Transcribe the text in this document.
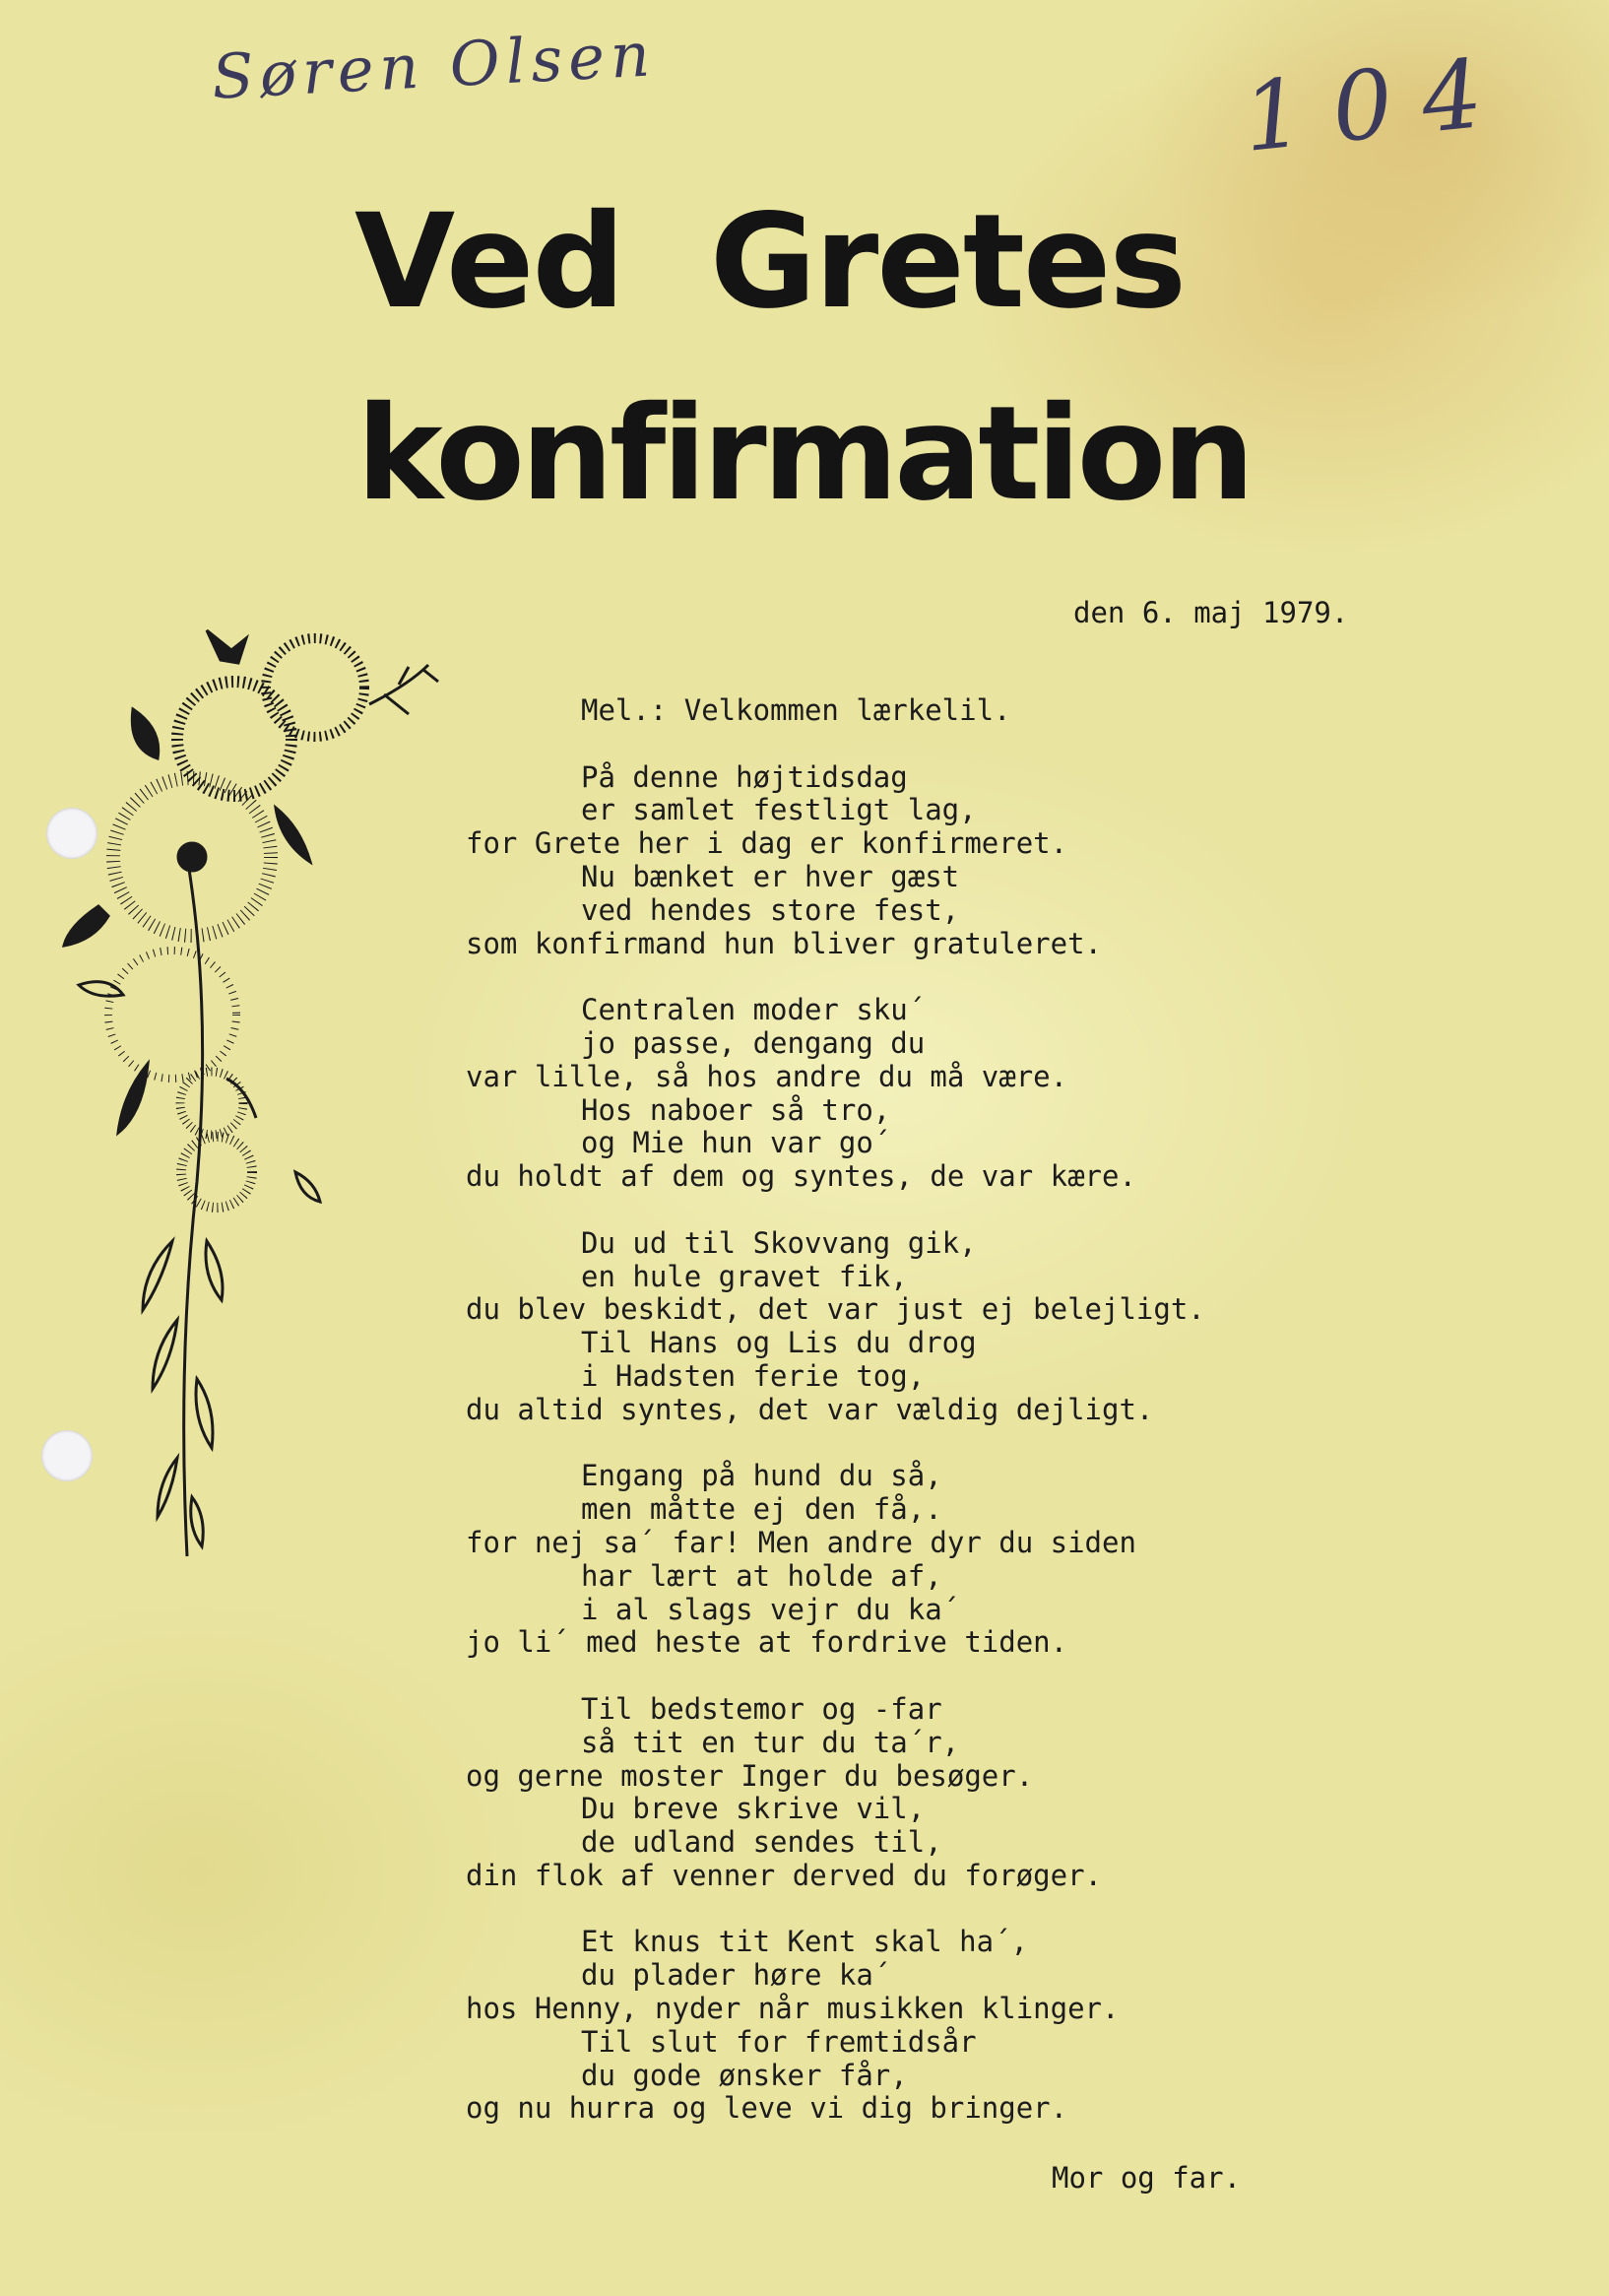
Søren Olsen	104
Ved  Gretes
konfirmation
den 6. maj 1979.
Mel.: Velkommen lærkelil.
På denne højtidsdag
er samlet festligt lag,
for Grete her i dag er konfirmeret.
Nu bænket er hver gæst
ved hendes store fest,
som konfirmand hun bliver gratuleret.
Centralen moder sku´
jo passe, dengang du
var lille, så hos andre du må være.
Hos naboer så tro,
og Mie hun var go´
du holdt af dem og syntes, de var kære.
Du ud til Skovvang gik,
en hule gravet fik,
du blev beskidt, det var just ej belejligt.
Til Hans og Lis du drog
i Hadsten ferie tog,
du altid syntes, det var vældig dejligt.
Engang på hund du så,
men måtte ej den få,.
for nej sa´ far! Men andre dyr du siden
har lært at holde af,
i al slags vejr du ka´
jo li´ med heste at fordrive tiden.
Til bedstemor og -far
så tit en tur du ta´r,
og gerne moster Inger du besøger.
Du breve skrive vil,
de udland sendes til,
din flok af venner derved du forøger.
Et knus tit Kent skal ha´,
du plader høre ka´
hos Henny, nyder når musikken klinger.
Til slut for fremtidsår
du gode ønsker får,
og nu hurra og leve vi dig bringer.
Mor og far.
